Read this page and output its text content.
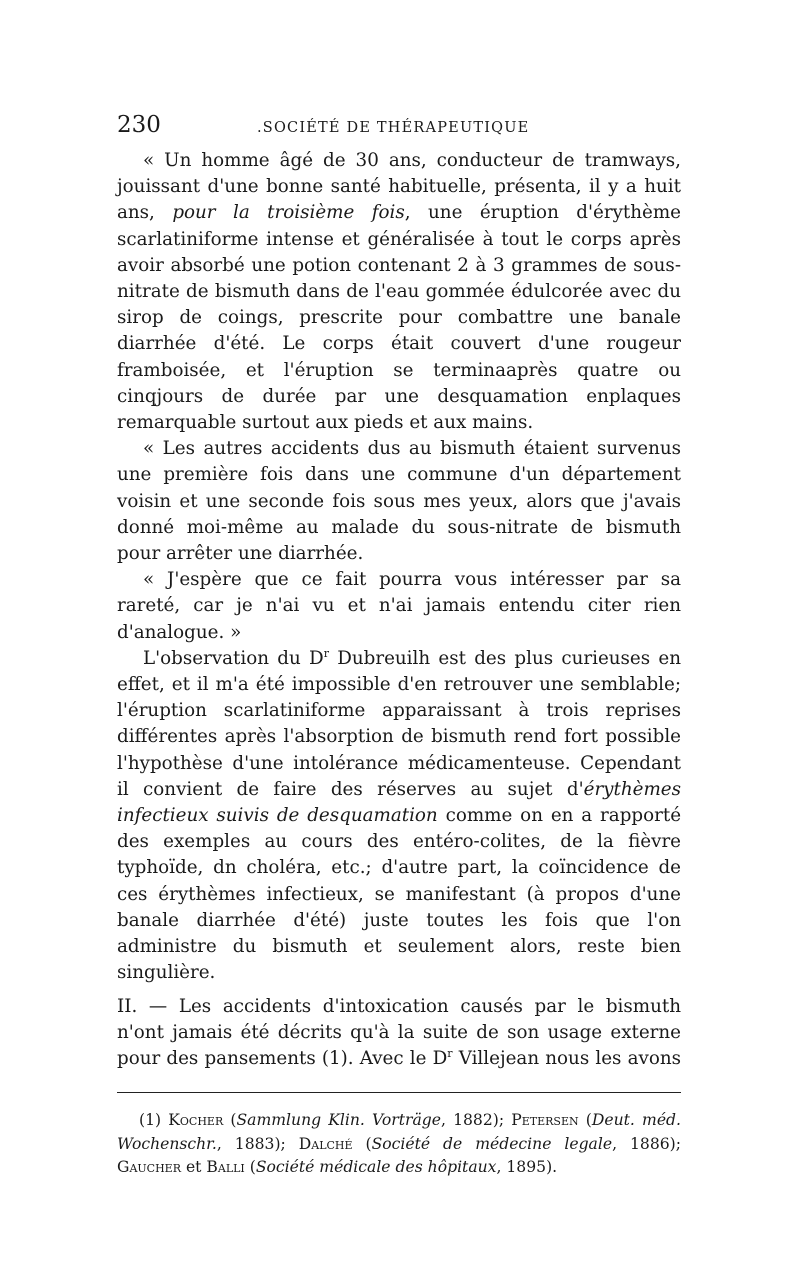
230	.SOCIÉTÉ DE THÉRAPEUTIQUE

« Un homme âgé de 30 ans, conducteur de tramways, jouissant d'une bonne santé habituelle, présenta, il y a huit ans, pour la troisième fois, une éruption d'érythème scarlatiniforme intense et généralisée à tout le corps après avoir absorbé une potion contenant 2 à 3 grammes de sous-nitrate de bismuth dans de l'eau gommée édulcorée avec du sirop de coings, prescrite pour combattre une banale diarrhée d'été. Le corps était couvert d'une rougeur framboisée, et l'éruption se terminaaprès quatre ou cinqjours de durée par une desquamation enplaques remarquable surtout aux pieds et aux mains.

« Les autres accidents dus au bismuth étaient survenus une première fois dans une commune d'un département voisin et une seconde fois sous mes yeux, alors que j'avais donné moi-même au malade du sous-nitrate de bismuth pour arrêter une diarrhée.

« J'espère que ce fait pourra vous intéresser par sa rareté, car je n'ai vu et n'ai jamais entendu citer rien d'analogue. »

L'observation du $D^r$ Dubreuilh est des plus curieuses en effet, et il m'a été impossible d'en retrouver une semblable; l'éruption scarlatiniforme apparaissant à trois reprises différentes après l'absorption de bismuth rend fort possible l'hypothèse d'une intolérance médicamenteuse. Cependant il convient de faire des réserves au sujet d'érythèmes infectieux suivis de desquamation comme on en a rapporté des exemples au cours des entéro-colites, de la fièvre typhoïde, dn choléra, etc.; d'autre part, la coïncidence de ces érythèmes infectieux, se manifestant (à propos d'une banale diarrhée d'été) juste toutes les fois que l'on administre du bismuth et seulement alors, reste bien singulière.

II. — Les accidents d'intoxication causés par le bismuth n'ont jamais été décrits qu'à la suite de son usage externe pour des pansements (1). Avec le $D^r$ Villejean nous les avons

(1) Kocher (Sammlung Klin. Vorträge, 1882); Petersen (Deut. méd. Wochenschr., 1883); Dalché (Société de médecine legale, 1886); Gaucher et Balli (Société médicale des hôpitaux, 1895).
